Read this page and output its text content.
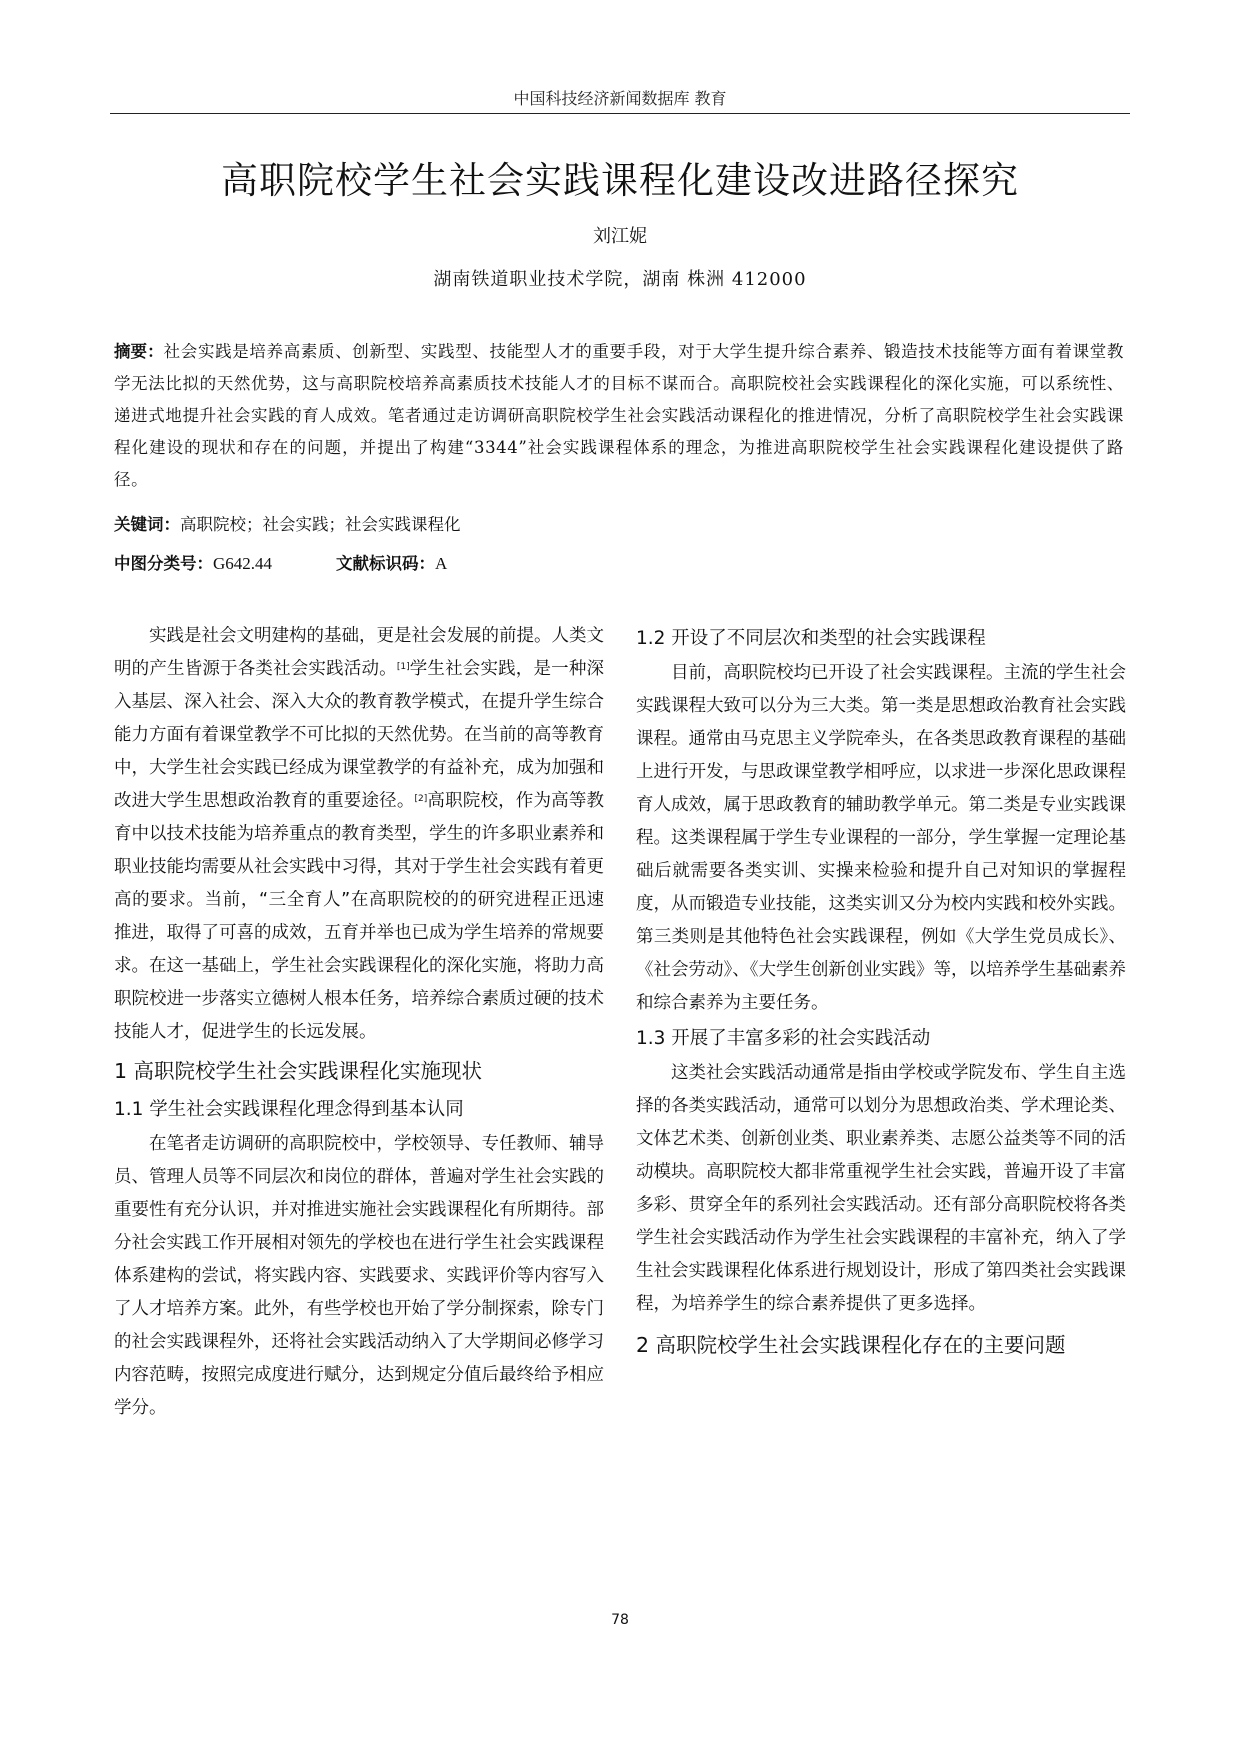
中国科技经济新闻数据库 教育
高职院校学生社会实践课程化建设改进路径探究
刘江妮
湖南铁道职业技术学院，湖南 株洲 412000
摘要：社会实践是培养高素质、创新型、实践型、技能型人才的重要手段，对于大学生提升综合素养、锻造技术技能等方面有着课堂教学无法比拟的天然优势，这与高职院校培养高素质技术技能人才的目标不谋而合。高职院校社会实践课程化的深化实施，可以系统性、递进式地提升社会实践的育人成效。笔者通过走访调研高职院校学生社会实践活动课程化的推进情况，分析了高职院校学生社会实践课程化建设的现状和存在的问题，并提出了构建“3344”社会实践课程体系的理念，为推进高职院校学生社会实践课程化建设提供了路径。
关键词：高职院校；社会实践；社会实践课程化
中图分类号：G642.44	文献标识码：A

实践是社会文明建构的基础，更是社会发展的前提。人类文明的产生皆源于各类社会实践活动。[1]学生社会实践，是一种深入基层、深入社会、深入大众的教育教学模式，在提升学生综合能力方面有着课堂教学不可比拟的天然优势。在当前的高等教育中，大学生社会实践已经成为课堂教学的有益补充，成为加强和改进大学生思想政治教育的重要途径。[2]高职院校，作为高等教育中以技术技能为培养重点的教育类型，学生的许多职业素养和职业技能均需要从社会实践中习得，其对于学生社会实践有着更高的要求。当前，“三全育人”在高职院校的的研究进程正迅速推进，取得了可喜的成效，五育并举也已成为学生培养的常规要求。在这一基础上，学生社会实践课程化的深化实施，将助力高职院校进一步落实立德树人根本任务，培养综合素质过硬的技术技能人才，促进学生的长远发展。

1 高职院校学生社会实践课程化实施现状
1.1 学生社会实践课程化理念得到基本认同

在笔者走访调研的高职院校中，学校领导、专任教师、辅导员、管理人员等不同层次和岗位的群体，普遍对学生社会实践的重要性有充分认识，并对推进实施社会实践课程化有所期待。部分社会实践工作开展相对领先的学校也在进行学生社会实践课程体系建构的尝试，将实践内容、实践要求、实践评价等内容写入了人才培养方案。此外，有些学校也开始了学分制探索，除专门的社会实践课程外，还将社会实践活动纳入了大学期间必修学习内容范畴，按照完成度进行赋分，达到规定分值后最终给予相应学分。

1.2 开设了不同层次和类型的社会实践课程

目前，高职院校均已开设了社会实践课程。主流的学生社会实践课程大致可以分为三大类。第一类是思想政治教育社会实践课程。通常由马克思主义学院牵头，在各类思政教育课程的基础上进行开发，与思政课堂教学相呼应，以求进一步深化思政课程育人成效，属于思政教育的辅助教学单元。第二类是专业实践课程。这类课程属于学生专业课程的一部分，学生掌握一定理论基础后就需要各类实训、实操来检验和提升自己对知识的掌握程度，从而锻造专业技能，这类实训又分为校内实践和校外实践。第三类则是其他特色社会实践课程，例如《大学生党员成长》、《社会劳动》、《大学生创新创业实践》等，以培养学生基础素养和综合素养为主要任务。

1.3 开展了丰富多彩的社会实践活动

这类社会实践活动通常是指由学校或学院发布、学生自主选择的各类实践活动，通常可以划分为思想政治类、学术理论类、文体艺术类、创新创业类、职业素养类、志愿公益类等不同的活动模块。高职院校大都非常重视学生社会实践，普遍开设了丰富多彩、贯穿全年的系列社会实践活动。还有部分高职院校将各类学生社会实践活动作为学生社会实践课程的丰富补充，纳入了学生社会实践课程化体系进行规划设计，形成了第四类社会实践课程，为培养学生的综合素养提供了更多选择。

2 高职院校学生社会实践课程化存在的主要问题
78
